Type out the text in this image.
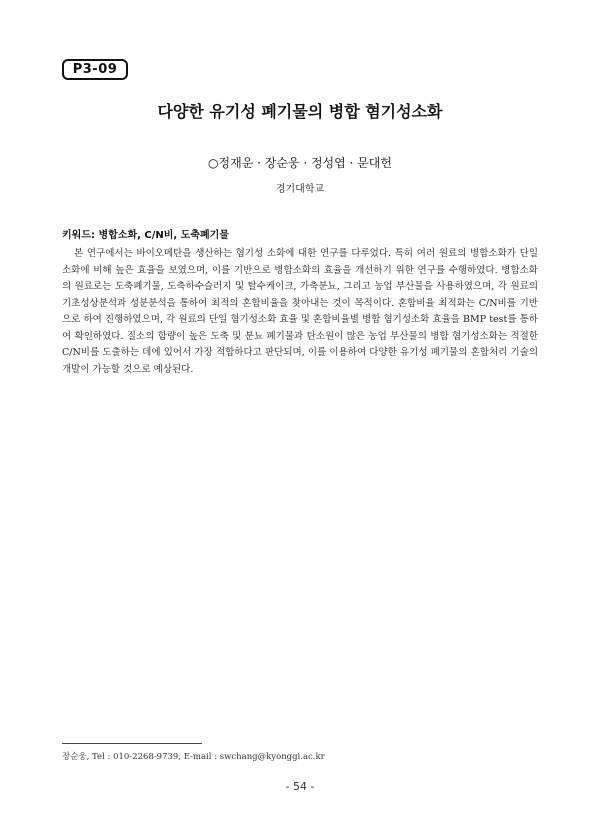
P3-09
다양한 유기성 폐기물의 병합 혐기성소화
○정재운 · 장순웅 · 정성엽 · 문대헌
경기대학교
키워드: 병합소화, C/N비, 도축폐기물

본 연구에서는 바이오메탄을 생산하는 혐기성 소화에 대한 연구를 다루었다. 특히 여러 원료의 병합소화가 단일소화에 비해 높은 효율을 보였으며, 이를 기반으로 병합소화의 효율을 개선하기 위한 연구를 수행하였다. 병합소화의 원료로는 도축폐기물, 도축하수슬러지 및 탈수케이크, 가축분뇨, 그리고 농업 부산물을 사용하였으며, 각 원료의 기초성상분석과 성분분석을 통하여 최적의 혼합비율을 찾아내는 것이 목적이다. 혼합비율 최적화는 C/N비를 기반으로 하여 진행하였으며, 각 원료의 단일 혐기성소화 효율 및 혼합비율별 병합 혐기성소화 효율을 BMP test를 통하여 확인하였다. 질소의 함량이 높은 도축 및 분뇨 폐기물과 탄소원이 많은 농업 부산물의 병합 혐기성소화는 적절한 C/N비를 도출하는 데에 있어서 가장 적합하다고 판단되며, 이를 이용하여 다양한 유기성 폐기물의 혼합처리 기술의 개발이 가능할 것으로 예상된다.

장순웅, Tel : 010-2268-9739, E-mail : swchang@kyonggi.ac.kr
- 54 -
